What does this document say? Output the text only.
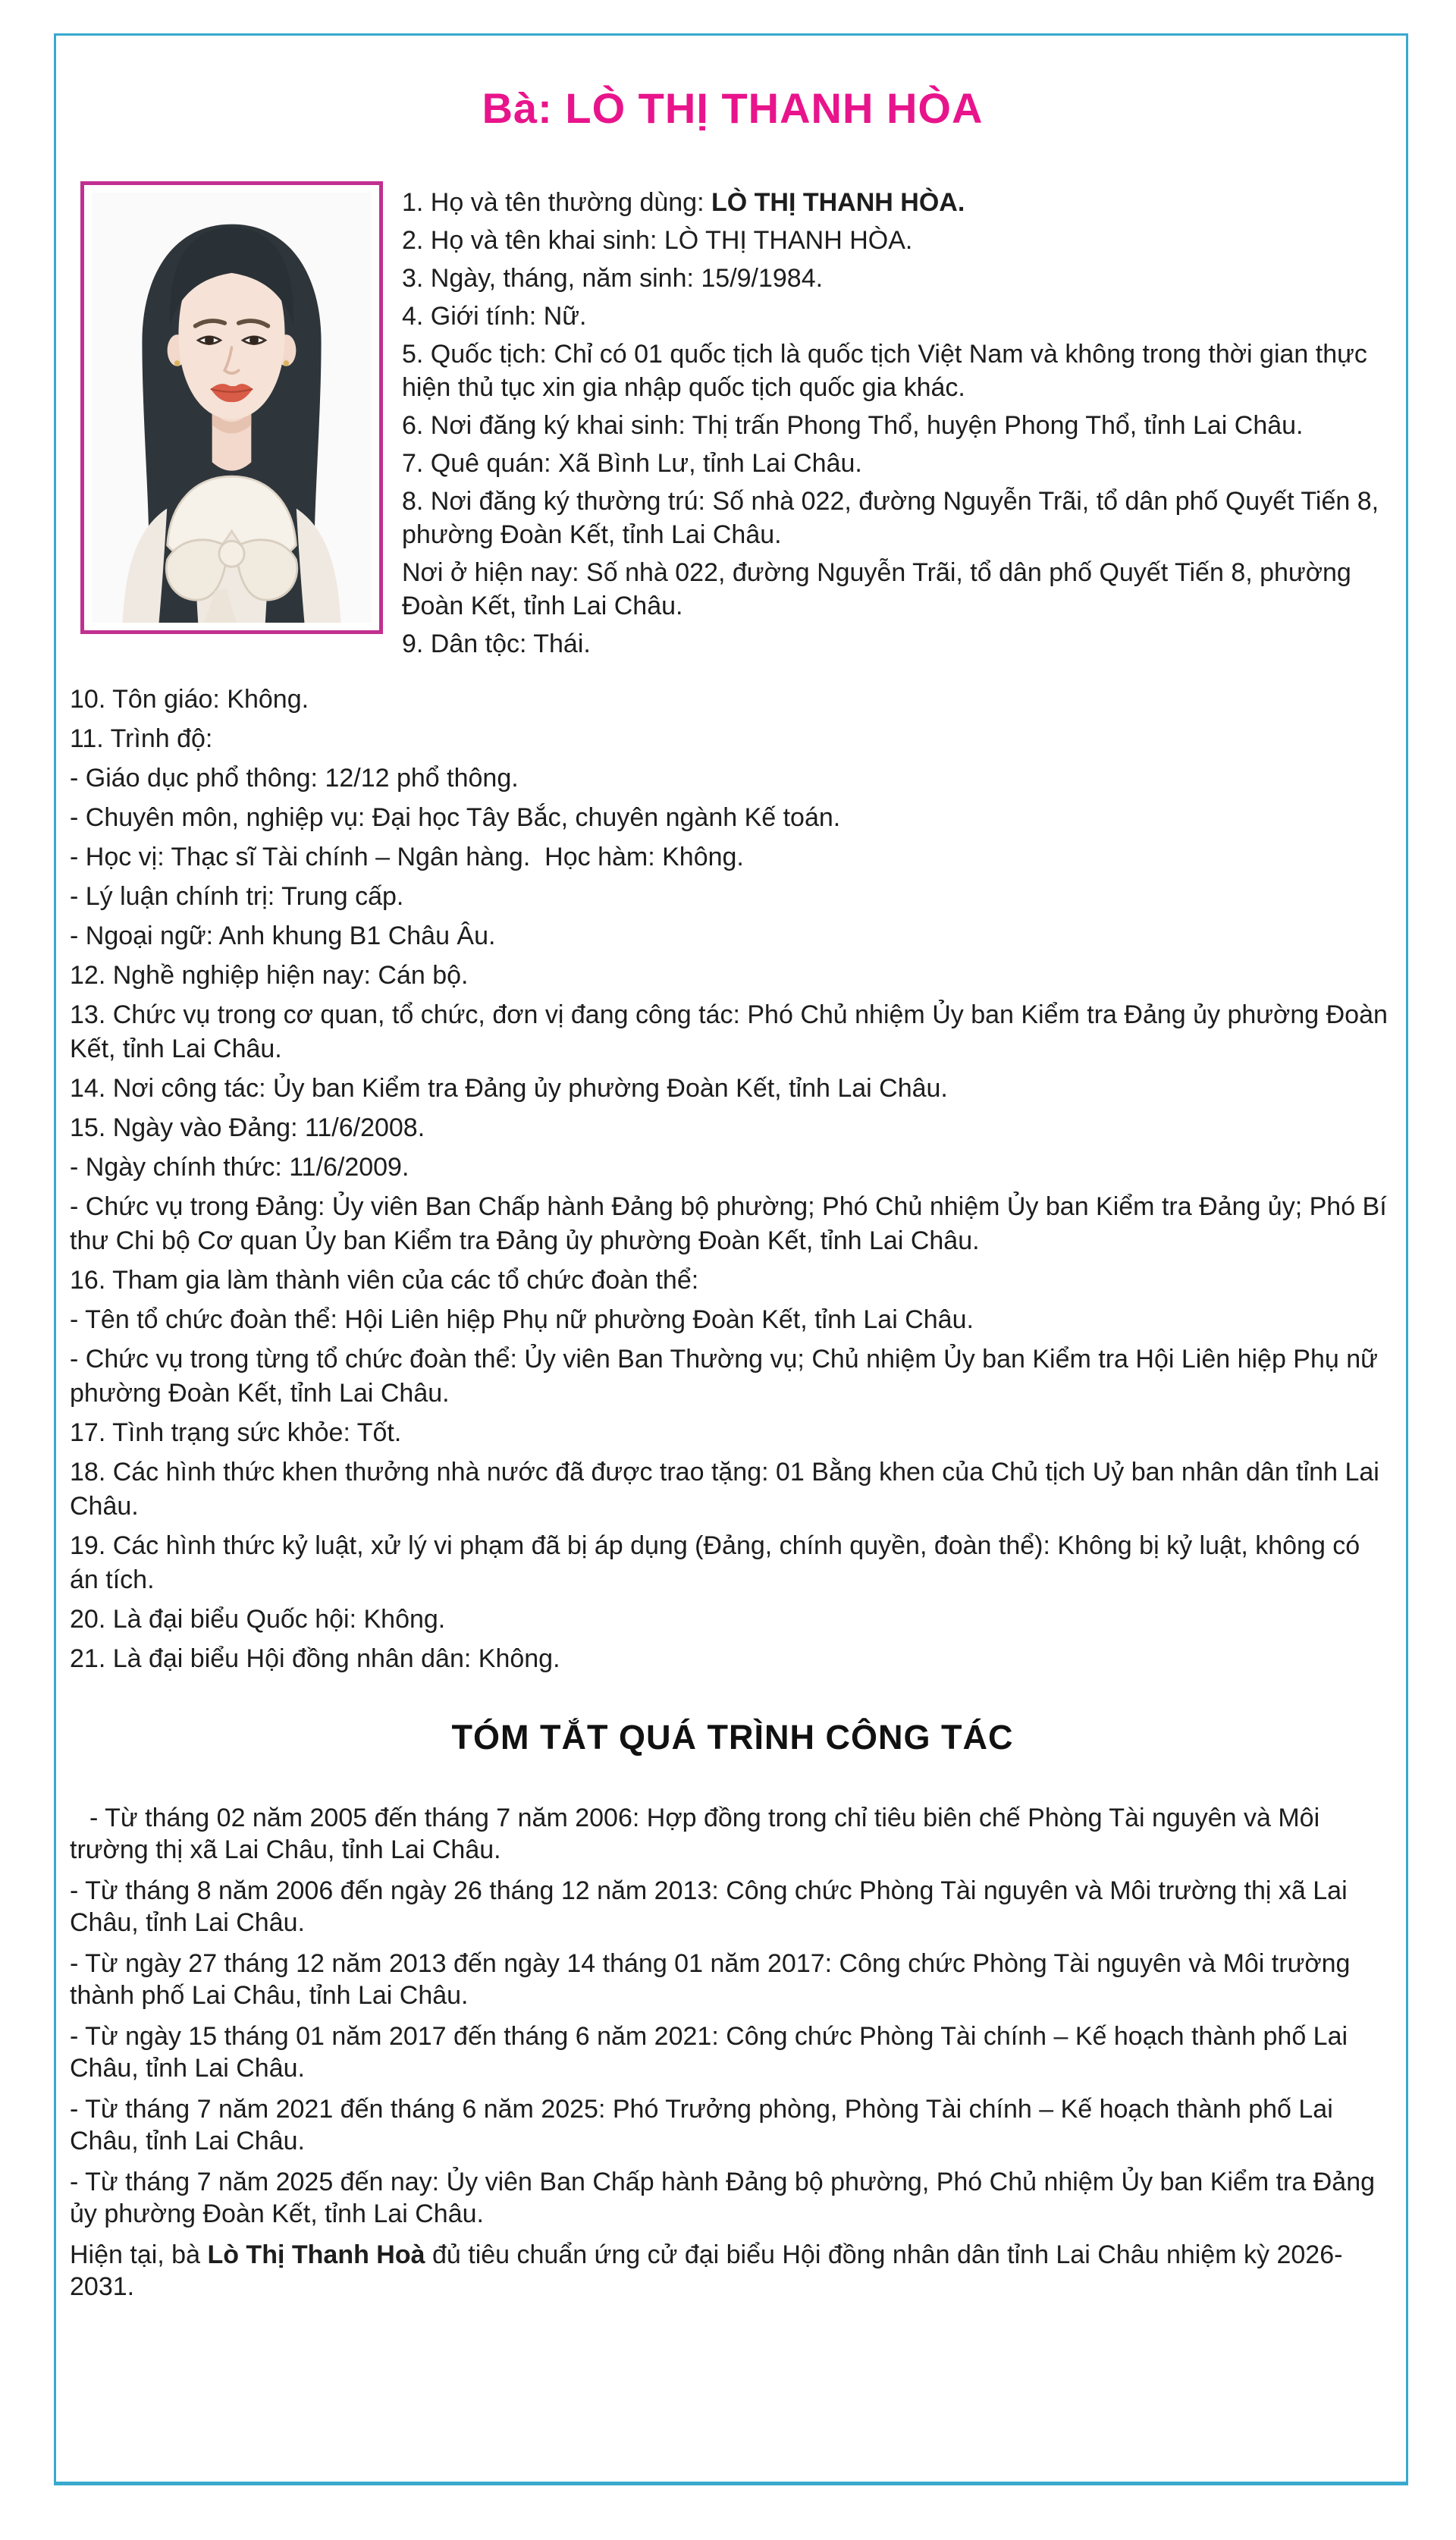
Bà: LÒ THỊ THANH HÒA

1. Họ và tên thường dùng: LÒ THỊ THANH HÒA.

2. Họ và tên khai sinh: LÒ THỊ THANH HÒA.

3. Ngày, tháng, năm sinh: 15/9/1984.

4. Giới tính: Nữ.

5. Quốc tịch: Chỉ có 01 quốc tịch là quốc tịch Việt Nam và không trong thời gian thực hiện thủ tục xin gia nhập quốc tịch quốc gia khác.

6. Nơi đăng ký khai sinh: Thị trấn Phong Thổ, huyện Phong Thổ, tỉnh Lai Châu.

7. Quê quán: Xã Bình Lư, tỉnh Lai Châu.

8. Nơi đăng ký thường trú: Số nhà 022, đường Nguyễn Trãi, tổ dân phố Quyết Tiến 8, phường Đoàn Kết, tỉnh Lai Châu.

Nơi ở hiện nay: Số nhà 022, đường Nguyễn Trãi, tổ dân phố Quyết Tiến 8, phường Đoàn Kết, tỉnh Lai Châu.

9. Dân tộc: Thái.

10. Tôn giáo: Không.

11. Trình độ:

- Giáo dục phổ thông: 12/12 phổ thông.

- Chuyên môn, nghiệp vụ: Đại học Tây Bắc, chuyên ngành Kế toán.

- Học vị: Thạc sĩ Tài chính – Ngân hàng.  Học hàm: Không.

- Lý luận chính trị: Trung cấp.

- Ngoại ngữ: Anh khung B1 Châu Âu.

12. Nghề nghiệp hiện nay: Cán bộ.

13. Chức vụ trong cơ quan, tổ chức, đơn vị đang công tác: Phó Chủ nhiệm Ủy ban Kiểm tra Đảng ủy phường Đoàn Kết, tỉnh Lai Châu.

14. Nơi công tác: Ủy ban Kiểm tra Đảng ủy phường Đoàn Kết, tỉnh Lai Châu.

15. Ngày vào Đảng: 11/6/2008.

- Ngày chính thức: 11/6/2009.

- Chức vụ trong Đảng: Ủy viên Ban Chấp hành Đảng bộ phường; Phó Chủ nhiệm Ủy ban Kiểm tra Đảng ủy; Phó Bí thư Chi bộ Cơ quan Ủy ban Kiểm tra Đảng ủy phường Đoàn Kết, tỉnh Lai Châu.

16. Tham gia làm thành viên của các tổ chức đoàn thể:

- Tên tổ chức đoàn thể: Hội Liên hiệp Phụ nữ phường Đoàn Kết, tỉnh Lai Châu.

- Chức vụ trong từng tổ chức đoàn thể: Ủy viên Ban Thường vụ; Chủ nhiệm Ủy ban Kiểm tra Hội Liên hiệp Phụ nữ phường Đoàn Kết, tỉnh Lai Châu.

17. Tình trạng sức khỏe: Tốt.

18. Các hình thức khen thưởng nhà nước đã được trao tặng: 01 Bằng khen của Chủ tịch Uỷ ban nhân dân tỉnh Lai Châu.

19. Các hình thức kỷ luật, xử lý vi phạm đã bị áp dụng (Đảng, chính quyền, đoàn thể): Không bị kỷ luật, không có án tích.

20. Là đại biểu Quốc hội: Không.

21. Là đại biểu Hội đồng nhân dân: Không.

TÓM TẮT QUÁ TRÌNH CÔNG TÁC

- Từ tháng 02 năm 2005 đến tháng 7 năm 2006: Hợp đồng trong chỉ tiêu biên chế Phòng Tài nguyên và Môi trường thị xã Lai Châu, tỉnh Lai Châu.

- Từ tháng 8 năm 2006 đến ngày 26 tháng 12 năm 2013: Công chức Phòng Tài nguyên và Môi trường thị xã Lai Châu, tỉnh Lai Châu.

- Từ ngày 27 tháng 12 năm 2013 đến ngày 14 tháng 01 năm 2017: Công chức Phòng Tài nguyên và Môi trường thành phố Lai Châu, tỉnh Lai Châu.

- Từ ngày 15 tháng 01 năm 2017 đến tháng 6 năm 2021: Công chức Phòng Tài chính – Kế hoạch thành phố Lai Châu, tỉnh Lai Châu.

- Từ tháng 7 năm 2021 đến tháng 6 năm 2025: Phó Trưởng phòng, Phòng Tài chính – Kế hoạch thành phố Lai Châu, tỉnh Lai Châu.

- Từ tháng 7 năm 2025 đến nay: Ủy viên Ban Chấp hành Đảng bộ phường, Phó Chủ nhiệm Ủy ban Kiểm tra Đảng ủy phường Đoàn Kết, tỉnh Lai Châu.

Hiện tại, bà Lò Thị Thanh Hoà đủ tiêu chuẩn ứng cử đại biểu Hội đồng nhân dân tỉnh Lai Châu nhiệm kỳ 2026-2031.
